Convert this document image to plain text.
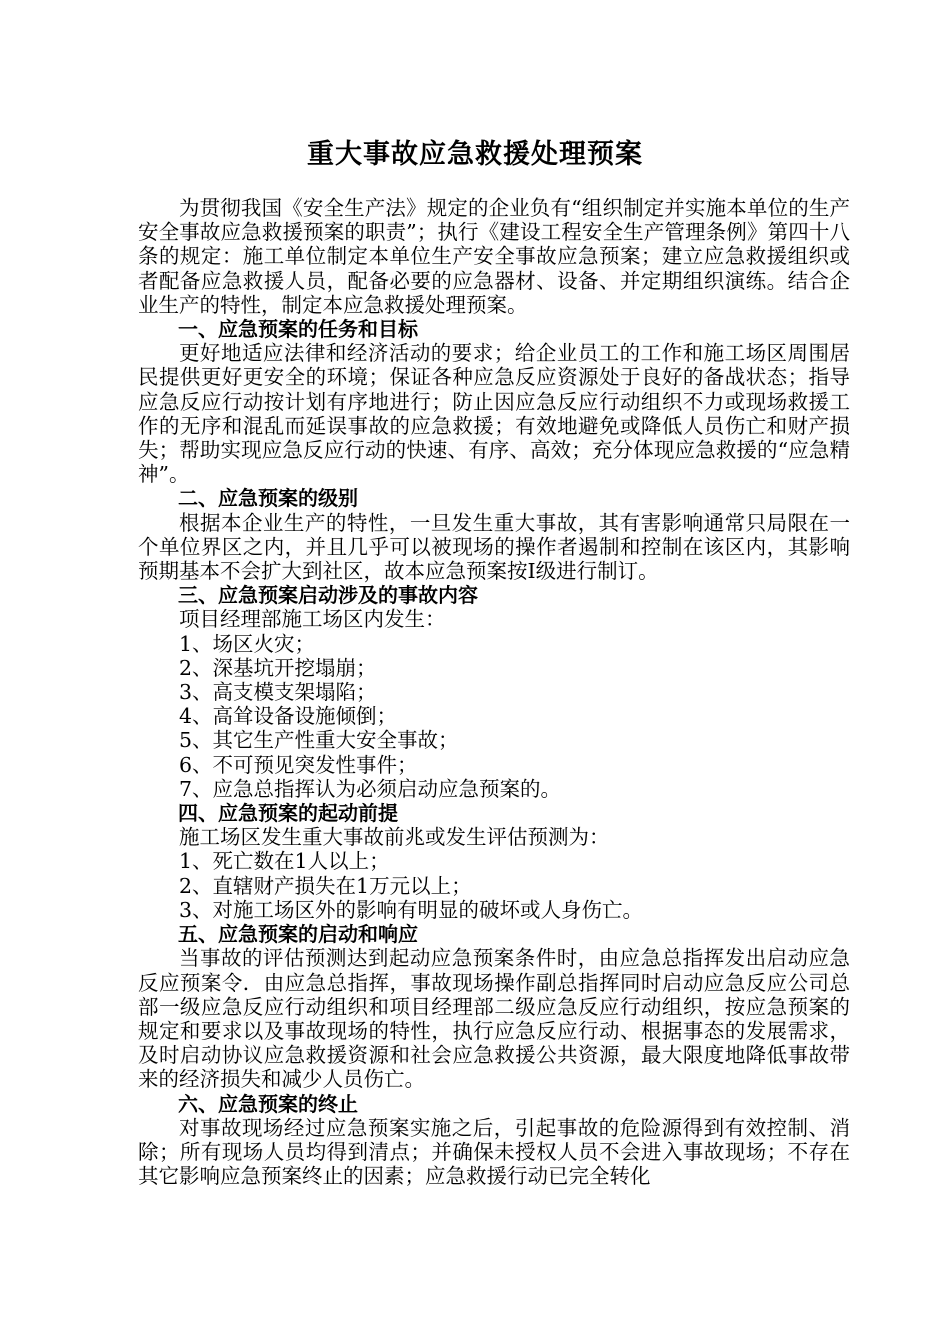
重大事故应急救援处理预案

为贯彻我国《安全生产法》规定的企业负有“组织制定并实施本单位的生产安全事故应急救援预案的职责”；执行《建设工程安全生产管理条例》第四十八条的规定：施工单位制定本单位生产安全事故应急预案；建立应急救援组织或者配备应急救援人员，配备必要的应急器材、设备、并定期组织演练。结合企业生产的特性，制定本应急救援处理预案。

一、应急预案的任务和目标

更好地适应法律和经济活动的要求；给企业员工的工作和施工场区周围居民提供更好更安全的环境；保证各种应急反应资源处于良好的备战状态；指导应急反应行动按计划有序地进行；防止因应急反应行动组织不力或现场救援工作的无序和混乱而延误事故的应急救援；有效地避免或降低人员伤亡和财产损失；帮助实现应急反应行动的快速、有序、高效；充分体现应急救援的“应急精神”。

二、应急预案的级别

根据本企业生产的特性，一旦发生重大事故，其有害影响通常只局限在一个单位界区之内，并且几乎可以被现场的操作者遏制和控制在该区内，其影响预期基本不会扩大到社区，故本应急预案按Ⅰ级进行制订。

三、应急预案启动涉及的事故内容

项目经理部施工场区内发生：

1、场区火灾；

2、深基坑开挖塌崩；

3、高支模支架塌陷；

4、高耸设备设施倾倒；

5、其它生产性重大安全事故；

6、不可预见突发性事件；

7、应急总指挥认为必须启动应急预案的。

四、应急预案的起动前提

施工场区发生重大事故前兆或发生评估预测为：

1、死亡数在1人以上；

2、直辖财产损失在1万元以上；

3、对施工场区外的影响有明显的破坏或人身伤亡。

五、应急预案的启动和响应

当事故的评估预测达到起动应急预案条件时，由应急总指挥发出启动应急反应预案令．由应急总指挥，事故现场操作副总指挥同时启动应急反应公司总部一级应急反应行动组织和项目经理部二级应急反应行动组织，按应急预案的规定和要求以及事故现场的特性，执行应急反应行动、根据事态的发展需求，及时启动协议应急救援资源和社会应急救援公共资源，最大限度地降低事故带来的经济损失和减少人员伤亡。

六、应急预案的终止

对事故现场经过应急预案实施之后，引起事故的危险源得到有效控制、消除；所有现场人员均得到清点；并确保未授权人员不会进入事故现场；不存在其它影响应急预案终止的因素；应急救援行动已完全转化
